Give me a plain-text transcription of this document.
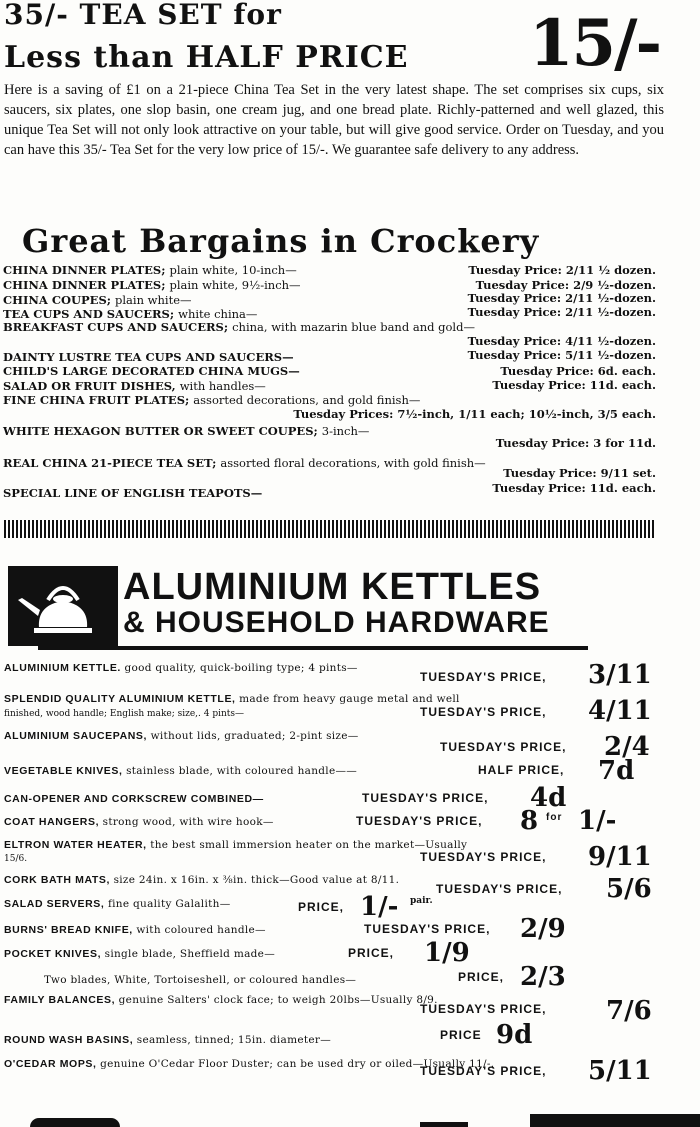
35/- TEA SET for
Less than HALF PRICE 15/-
Here is a saving of £1 on a 21-piece China Tea Set in the very latest shape. The set comprises six cups, six saucers, six plates, one slop basin, one cream jug, and one bread plate. Richly-patterned and well glazed, this unique Tea Set will not only look attractive on your table, but will give good service. Order on Tuesday, and you can have this 35/- Tea Set for the very low price of 15/-. We guarantee safe delivery to any address.
Great Bargains in Crockery
CHINA DINNER PLATES; plain white, 10-inch—	Tuesday Price: 2/11 ½ dozen.
CHINA DINNER PLATES; plain white, 9½-inch—	Tuesday Price: 2/9 ½-dozen.
CHINA COUPES; plain white—	Tuesday Price: 2/11 ½-dozen.
TEA CUPS AND SAUCERS; white china—	Tuesday Price: 2/11 ½-dozen.
BREAKFAST CUPS AND SAUCERS; china, with mazarin blue band and gold—
Tuesday Price: 4/11 ½-dozen.
DAINTY LUSTRE TEA CUPS AND SAUCERS—	Tuesday Price: 5/11 ½-dozen.
CHILD'S LARGE DECORATED CHINA MUGS—	Tuesday Price: 6d. each.
SALAD OR FRUIT DISHES, with handles—	Tuesday Price: 11d. each.
FINE CHINA FRUIT PLATES; assorted decorations, and gold finish—
Tuesday Prices: 7½-inch, 1/11 each; 10½-inch, 3/5 each.
WHITE HEXAGON BUTTER OR SWEET COUPES; 3-inch—
Tuesday Price: 3 for 11d.
REAL CHINA 21-PIECE TEA SET; assorted floral decorations, with gold finish—
Tuesday Price: 9/11 set.
SPECIAL LINE OF ENGLISH TEAPOTS—	Tuesday Price: 11d. each.
ALUMINIUM KETTLES
& HOUSEHOLD HARDWARE
ALUMINIUM KETTLE. good quality, quick-boiling type; 4 pints—
TUESDAY'S PRICE, 3/11
SPLENDID QUALITY ALUMINIUM KETTLE, made from heavy gauge metal and well
finished, wood handle; English make; size,. 4 pints—	TUESDAY'S PRICE, 4/11
ALUMINIUM SAUCEPANS, without lids, graduated; 2-pint size—
TUESDAY'S PRICE, 2/4
VEGETABLE KNIVES, stainless blade, with coloured handle——	HALF PRICE, 7d
CAN-OPENER AND CORKSCREW COMBINED—	TUESDAY'S PRICE, 4d
COAT HANGERS, strong wood, with wire hook—	TUESDAY'S PRICE, 8 for 1/-
ELTRON WATER HEATER, the best small immersion heater on the market—Usually
15/6.	TUESDAY'S PRICE, 9/11
CORK BATH MATS, size 24in. x 16in. x ⅜in. thick—Good value at 8/11.
TUESDAY'S PRICE, 5/6
SALAD SERVERS, fine quality Galalith—	PRICE, 1/- pair.
BURNS' BREAD KNIFE, with coloured handle—	TUESDAY'S PRICE, 2/9
POCKET KNIVES, single blade, Sheffield made—	PRICE, 1/9
Two blades, White, Tortoiseshell, or coloured handles—	PRICE, 2/3
FAMILY BALANCES, genuine Salters' clock face; to weigh 20lbs—Usually 8/9.
TUESDAY'S PRICE, 7/6
ROUND WASH BASINS, seamless, tinned; 15in. diameter—	PRICE 9d
O'CEDAR MOPS, genuine O'Cedar Floor Duster; can be used dry or oiled—Usually 11/-.
TUESDAY'S PRICE, 5/11
